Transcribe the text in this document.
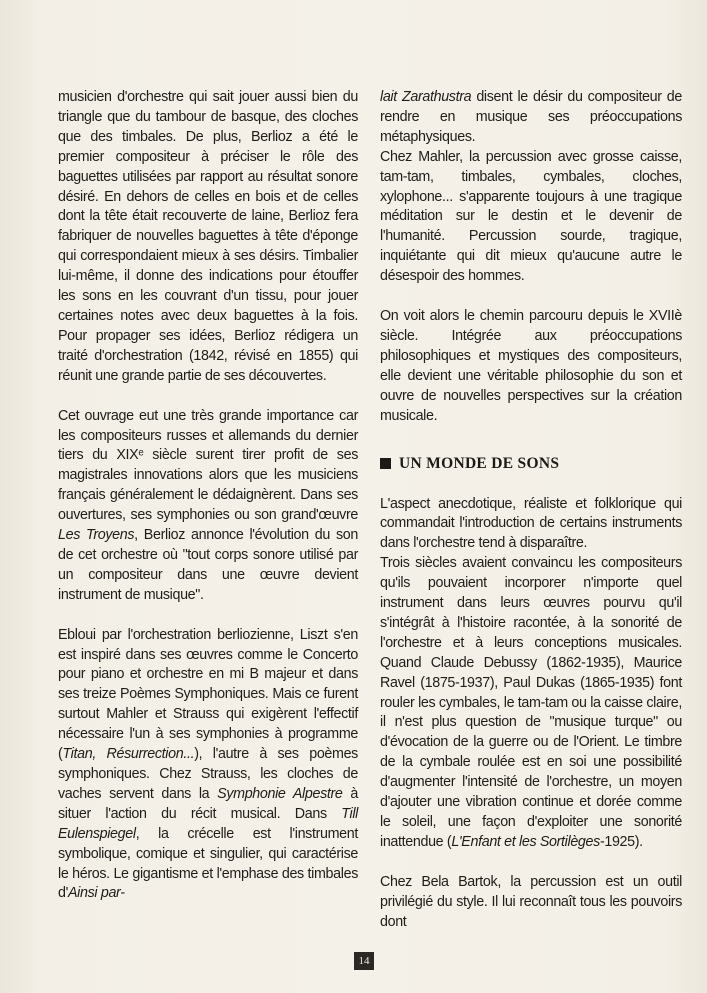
musicien d'orchestre qui sait jouer aussi bien du triangle que du tambour de basque, des cloches que des timbales. De plus, Berlioz a été le premier compositeur à préciser le rôle des baguettes utilisées par rapport au résultat sonore désiré. En dehors de celles en bois et de celles dont la tête était recouverte de laine, Berlioz fera fabriquer de nouvelles baguettes à tête d'éponge qui correspondaient mieux à ses désirs. Timbalier lui-même, il donne des indications pour étouffer les sons en les couvrant d'un tissu, pour jouer certaines notes avec deux baguettes à la fois. Pour propager ses idées, Berlioz rédigera un traité d'orchestration (1842, révisé en 1855) qui réunit une grande partie de ses découvertes.

Cet ouvrage eut une très grande importance car les compositeurs russes et allemands du dernier tiers du XIXᵉ siècle surent tirer profit de ses magistrales innovations alors que les musiciens français généralement le dédaignèrent. Dans ses ouvertures, ses symphonies ou son grand'œuvre Les Troyens, Berlioz annonce l'évolution du son de cet orchestre où "tout corps sonore utilisé par un compositeur dans une œuvre devient instrument de musique".

Ebloui par l'orchestration berliozienne, Liszt s'en est inspiré dans ses œuvres comme le Concerto pour piano et orchestre en mi B majeur et dans ses treize Poèmes Symphoniques. Mais ce furent surtout Mahler et Strauss qui exigèrent l'effectif nécessaire l'un à ses symphonies à programme (Titan, Résurrection...), l'autre à ses poèmes symphoniques. Chez Strauss, les cloches de vaches servent dans la Symphonie Alpestre à situer l'action du récit musical. Dans Till Eulenspiegel, la crécelle est l'instrument symbolique, comique et singulier, qui caractérise le héros. Le gigantisme et l'emphase des timbales d'Ainsi par-

lait Zarathustra disent le désir du compositeur de rendre en musique ses préoccupations métaphysiques.

Chez Mahler, la percussion avec grosse caisse, tam-tam, timbales, cymbales, cloches, xylophone... s'apparente toujours à une tragique méditation sur le destin et le devenir de l'humanité. Percussion sourde, tragique, inquiétante qui dit mieux qu'aucune autre le désespoir des hommes.

On voit alors le chemin parcouru depuis le XVIIè siècle. Intégrée aux préoccupations philosophiques et mystiques des compositeurs, elle devient une véritable philosophie du son et ouvre de nouvelles perspectives sur la création musicale.

UN MONDE DE SONS

L'aspect anecdotique, réaliste et folklorique qui commandait l'introduction de certains instruments dans l'orchestre tend à disparaître.

Trois siècles avaient convaincu les compositeurs qu'ils pouvaient incorporer n'importe quel instrument dans leurs œuvres pourvu qu'il s'intégrât à l'histoire racontée, à la sonorité de l'orchestre et à leurs conceptions musicales. Quand Claude Debussy (1862-1935), Maurice Ravel (1875-1937), Paul Dukas (1865-1935) font rouler les cymbales, le tam-tam ou la caisse claire, il n'est plus question de "musique turque" ou d'évocation de la guerre ou de l'Orient. Le timbre de la cymbale roulée est en soi une possibilité d'augmenter l'intensité de l'orchestre, un moyen d'ajouter une vibration continue et dorée comme le soleil, une façon d'exploiter une sonorité inattendue (L'Enfant et les Sortilèges-1925).

Chez Bela Bartok, la percussion est un outil privilégié du style. Il lui reconnaît tous les pouvoirs dont

14
